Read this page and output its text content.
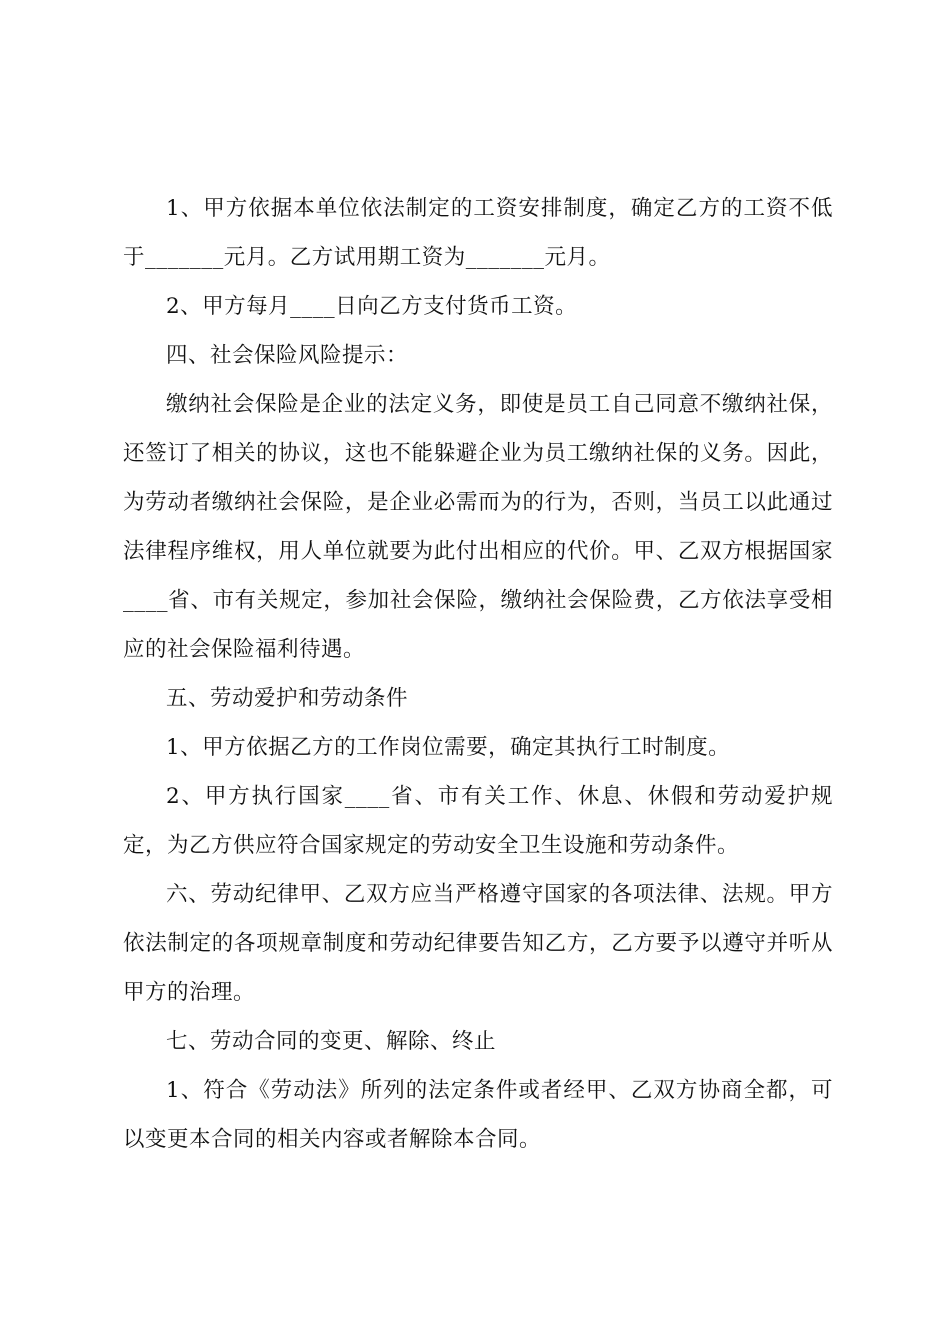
1、甲方依据本单位依法制定的工资安排制度，确定乙方的工资不低于_______元月。乙方试用期工资为_______元月。

2、甲方每月____日向乙方支付货币工资。

四、社会保险风险提示：

缴纳社会保险是企业的法定义务，即使是员工自己同意不缴纳社保，还签订了相关的协议，这也不能躲避企业为员工缴纳社保的义务。因此，为劳动者缴纳社会保险，是企业必需而为的行为，否则，当员工以此通过法律程序维权，用人单位就要为此付出相应的代价。甲、乙双方根据国家____省、市有关规定，参加社会保险，缴纳社会保险费，乙方依法享受相应的社会保险福利待遇。

五、劳动爱护和劳动条件

1、甲方依据乙方的工作岗位需要，确定其执行工时制度。

2、甲方执行国家____省、市有关工作、休息、休假和劳动爱护规定，为乙方供应符合国家规定的劳动安全卫生设施和劳动条件。

六、劳动纪律甲、乙双方应当严格遵守国家的各项法律、法规。甲方依法制定的各项规章制度和劳动纪律要告知乙方，乙方要予以遵守并听从甲方的治理。

七、劳动合同的变更、解除、终止

1、符合《劳动法》所列的法定条件或者经甲、乙双方协商全都，可以变更本合同的相关内容或者解除本合同。
